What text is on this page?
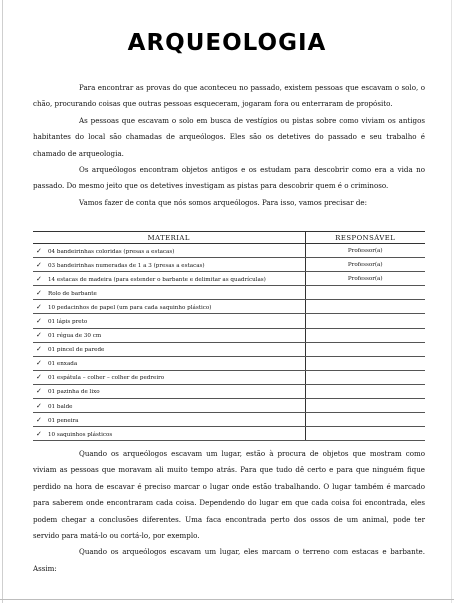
ARQUEOLOGIA

Para encontrar as provas do que aconteceu no passado, existem pessoas que escavam o solo, o chão, procurando coisas que outras pessoas esqueceram, jogaram fora ou enterraram de propósito.

As pessoas que escavam o solo em busca de vestígios ou pistas sobre como viviam os antigos habitantes do local são chamadas de arqueólogos. Eles são os detetives do passado e seu trabalho é chamado de arqueologia.

Os arqueólogos encontram objetos antigos e os estudam para descobrir como era a vida no passado. Do mesmo jeito que os detetives investigam as pistas para descobrir quem é o criminoso.

Vamos fazer de conta que nós somos arqueólogos. Para isso, vamos precisar de:

MATERIAL	RESPONSÁVEL
✓ 04 bandeirinhas coloridas (presas a estacas)	Professor(a)
✓ 03 bandeirinhas numeradas de 1 a 3 (presas a estacas)	Professor(a)
✓ 14 estacas de madeira (para estender o barbante e delimitar as quadrículas)	Professor(a)
✓ Rolo de barbante	
✓ 10 pedacinhos de papel (um para cada saquinho plástico)	
✓ 01 lápis preto	
✓ 01 régua de 30 cm	
✓ 01 pincel de parede	
✓ 01 enxada	
✓ 01 espátula – colher – colher de pedreiro	
✓ 01 pazinha de lixo	
✓ 01 balde	
✓ 01 peneira	
✓ 10 saquinhos plásticos	

Quando os arqueólogos escavam um lugar, estão à procura de objetos que mostram como viviam as pessoas que moravam ali muito tempo atrás. Para que tudo dê certo e para que ninguém fique perdido na hora de escavar é preciso marcar o lugar onde estão trabalhando. O lugar também é marcado para saberem onde encontraram cada coisa. Dependendo do lugar em que cada coisa foi encontrada, eles podem chegar a conclusões diferentes. Uma faca encontrada perto dos ossos de um animal, pode ter servido para matá-lo ou cortá-lo, por exemplo.

Quando os arqueólogos escavam um lugar, eles marcam o terreno com estacas e barbante. Assim:
